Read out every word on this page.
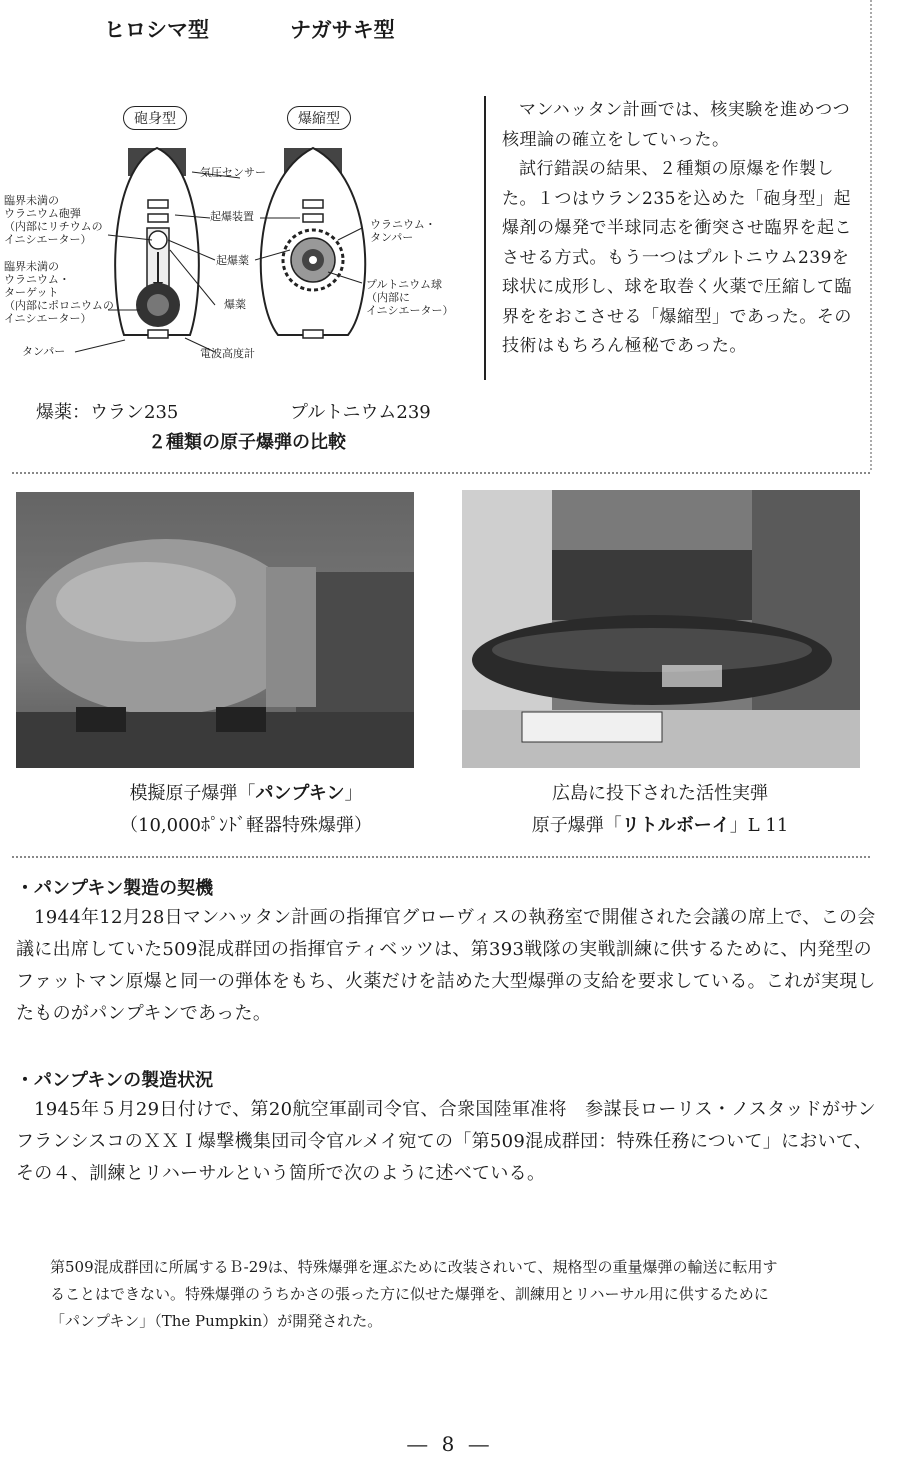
ヒロシマ型	ナガサキ型
砲身型	爆縮型
気圧センサー
臨界未満の
ウラニウム砲弾
（内部にリチウムの
イニシエーター）
起爆装置
起爆薬
ウラニウム・
タンパー
臨界未満の
ウラニウム・
ターゲット
（内部にポロニウムの
イニシエーター）
爆薬
プルトニウム球
（内部に
イニシエーター）
タンパー	電波高度計
爆薬：ウラン235	プルトニウム239
２種類の原子爆弾の比較

マンハッタン計画では、核実験を進めつつ核理論の確立をしていった。

試行錯誤の結果、２種類の原爆を作製した。１つはウラン235を込めた「砲身型」起爆剤の爆発で半球同志を衝突させ臨界を起こさせる方式。もう一つはプルトニウム239を球状に成形し、球を取巻く火薬で圧縮して臨界ををおこさせる「爆縮型」であった。その技術はもちろん極秘であった。

模擬原子爆弾「パンプキン」
（10,000ﾎﾟﾝﾄﾞ軽器特殊爆弾）
広島に投下された活性実弾
原子爆弾「リトルボーイ」L 11
・パンプキン製造の契機

1944年12月28日マンハッタン計画の指揮官グローヴィスの執務室で開催された会議の席上で、この会議に出席していた509混成群団の指揮官ティベッツは、第393戦隊の実戦訓練に供するために、内発型のファットマン原爆と同一の弾体をもち、火薬だけを詰めた大型爆弾の支給を要求している。これが実現したものがパンプキンであった。

・パンプキンの製造状況

1945年５月29日付けで、第20航空軍副司令官、合衆国陸軍准将　参謀長ローリス・ノスタッドがサンフランシスコのＸＸＩ爆撃機集団司令官ルメイ宛ての「第509混成群団：特殊任務について」において、その４、訓練とリハーサルという箇所で次のように述べている。

第509混成群団に所属するＢ-29は、特殊爆弾を運ぶために改装されいて、規格型の重量爆弾の輸送に転用することはできない。特殊爆弾のうちかさの張った方に似せた爆弾を、訓練用とリハーサル用に供するために「パンプキン」（The Pumpkin）が開発された。

― 8 ―
